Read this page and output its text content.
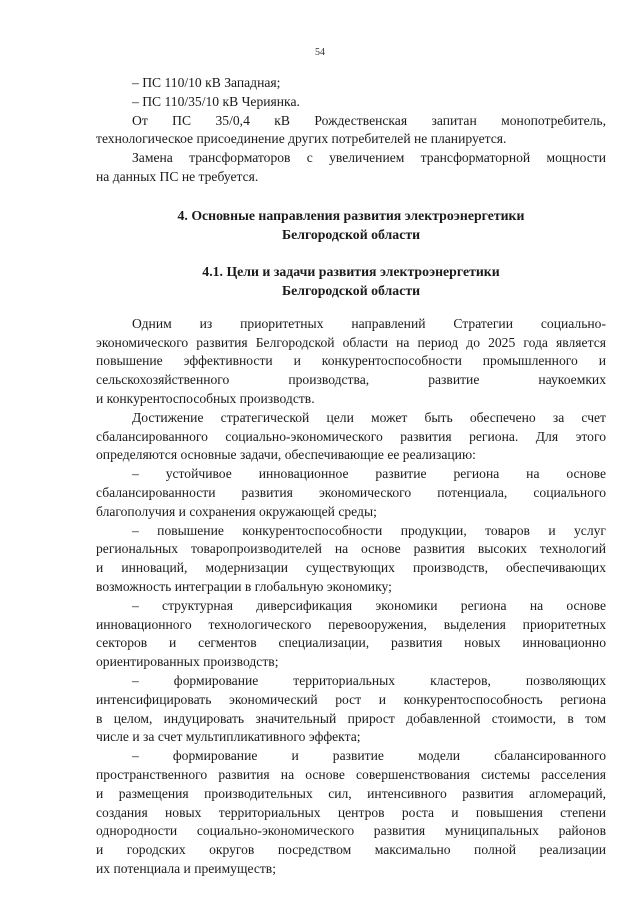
54
– ПС 110/10 кВ Западная;
– ПС 110/35/10 кВ Чериянка.
От ПС 35/0,4 кВ Рождественская запитан монопотребитель,
технологическое присоединение других потребителей не планируется.
Замена трансформаторов с увеличением трансформаторной мощности
на данных ПС не требуется.
4. Основные направления развития электроэнергетики
Белгородской области
4.1. Цели и задачи развития электроэнергетики
Белгородской области
Одним из приоритетных направлений Стратегии социально-
экономического развития Белгородской области на период до 2025 года является
повышение эффективности и конкурентоспособности промышленного и
сельскохозяйственного производства, развитие наукоемких
и конкурентоспособных производств.
Достижение стратегической цели может быть обеспечено за счет
сбалансированного социально-экономического развития региона. Для этого
определяются основные задачи, обеспечивающие ее реализацию:
– устойчивое инновационное развитие региона на основе
сбалансированности развития экономического потенциала, социального
благополучия и сохранения окружающей среды;
– повышение конкурентоспособности продукции, товаров и услуг
региональных товаропроизводителей на основе развития высоких технологий
и инноваций, модернизации существующих производств, обеспечивающих
возможность интеграции в глобальную экономику;
– структурная диверсификация экономики региона на основе
инновационного технологического перевооружения, выделения приоритетных
секторов и сегментов специализации, развития новых инновационно
ориентированных производств;
– формирование территориальных кластеров, позволяющих
интенсифицировать экономический рост и конкурентоспособность региона
в целом, индуцировать значительный прирост добавленной стоимости, в том
числе и за счет мультипликативного эффекта;
– формирование и развитие модели сбалансированного
пространственного развития на основе совершенствования системы расселения
и размещения производительных сил, интенсивного развития агломераций,
создания новых территориальных центров роста и повышения степени
однородности социально-экономического развития муниципальных районов
и городских округов посредством максимально полной реализации
их потенциала и преимуществ;
